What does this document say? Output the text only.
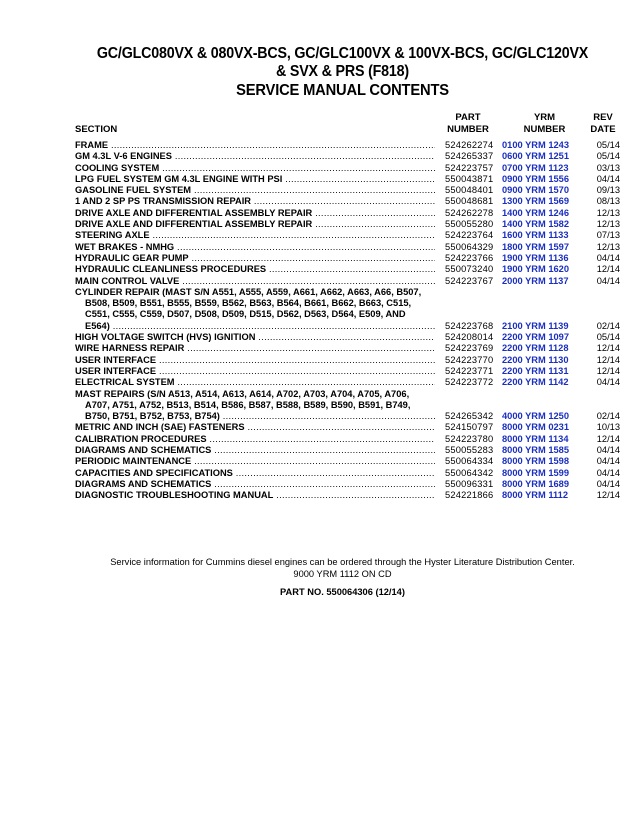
GC/GLC080VX & 080VX-BCS, GC/GLC100VX & 100VX-BCS, GC/GLC120VX
& SVX & PRS (F818)
SERVICE MANUAL CONTENTS
SECTION
PART
NUMBER
YRM
NUMBER
REV
DATE
FRAME .....	524262274 0100 YRM 1243	05/14
GM 4.3L V-6 ENGINES .....	524265337 0600 YRM 1251	05/14
COOLING SYSTEM .....	524223757 0700 YRM 1123	03/13
LPG FUEL SYSTEM GM 4.3L ENGINE WITH PSI .....	550043871 0900 YRM 1556	04/14
GASOLINE FUEL SYSTEM .....	550048401 0900 YRM 1570	09/13
1 AND 2 SP PS TRANSMISSION REPAIR .....	550048681 1300 YRM 1569	08/13
DRIVE AXLE AND DIFFERENTIAL ASSEMBLY REPAIR .....	524262278 1400 YRM 1246	12/13
DRIVE AXLE AND DIFFERENTIAL ASSEMBLY REPAIR .....	550055280 1400 YRM 1582	12/13
STEERING AXLE .....	524223764 1600 YRM 1133	07/13
WET BRAKES - NMHG .....	550064329 1800 YRM 1597	12/13
HYDRAULIC GEAR PUMP .....	524223766 1900 YRM 1136	04/14
HYDRAULIC CLEANLINESS PROCEDURES .....	550073240 1900 YRM 1620	12/14
MAIN CONTROL VALVE .....	524223767 2000 YRM 1137	04/14
CYLINDER REPAIR (MAST S/N A551, A555, A559, A661, A662, A663, A66, B507,
B508, B509, B551, B555, B559, B562, B563, B564, B661, B662, B663, C515,
C551, C555, C559, D507, D508, D509, D515, D562, D563, D564, E509, AND
E564) .....	524223768 2100 YRM 1139	02/14
HIGH VOLTAGE SWITCH (HVS) IGNITION .....	524208014 2200 YRM 1097	05/14
WIRE HARNESS REPAIR .....	524223769 2200 YRM 1128	12/14
USER INTERFACE .....	524223770 2200 YRM 1130	12/14
USER INTERFACE .....	524223771 2200 YRM 1131	12/14
ELECTRICAL SYSTEM .....	524223772 2200 YRM 1142	04/14
MAST REPAIRS (S/N A513, A514, A613, A614, A702, A703, A704, A705, A706,
A707, A751, A752, B513, B514, B586, B587, B588, B589, B590, B591, B749,
B750, B751, B752, B753, B754) .....	524265342 4000 YRM 1250	02/14
METRIC AND INCH (SAE) FASTENERS .....	524150797 8000 YRM 0231	10/13
CALIBRATION PROCEDURES .....	524223780 8000 YRM 1134	12/14
DIAGRAMS AND SCHEMATICS .....	550055283 8000 YRM 1585	04/14
PERIODIC MAINTENANCE .....	550064334 8000 YRM 1598	04/14
CAPACITIES AND SPECIFICATIONS .....	550064342 8000 YRM 1599	04/14
DIAGRAMS AND SCHEMATICS .....	550096331 8000 YRM 1689	04/14
DIAGNOSTIC TROUBLESHOOTING MANUAL .....	524221866 8000 YRM 1112	12/14
Service information for Cummins diesel engines can be ordered through the Hyster Literature Distribution Center.
9000 YRM 1112 ON CD
PART NO. 550064306 (12/14)
